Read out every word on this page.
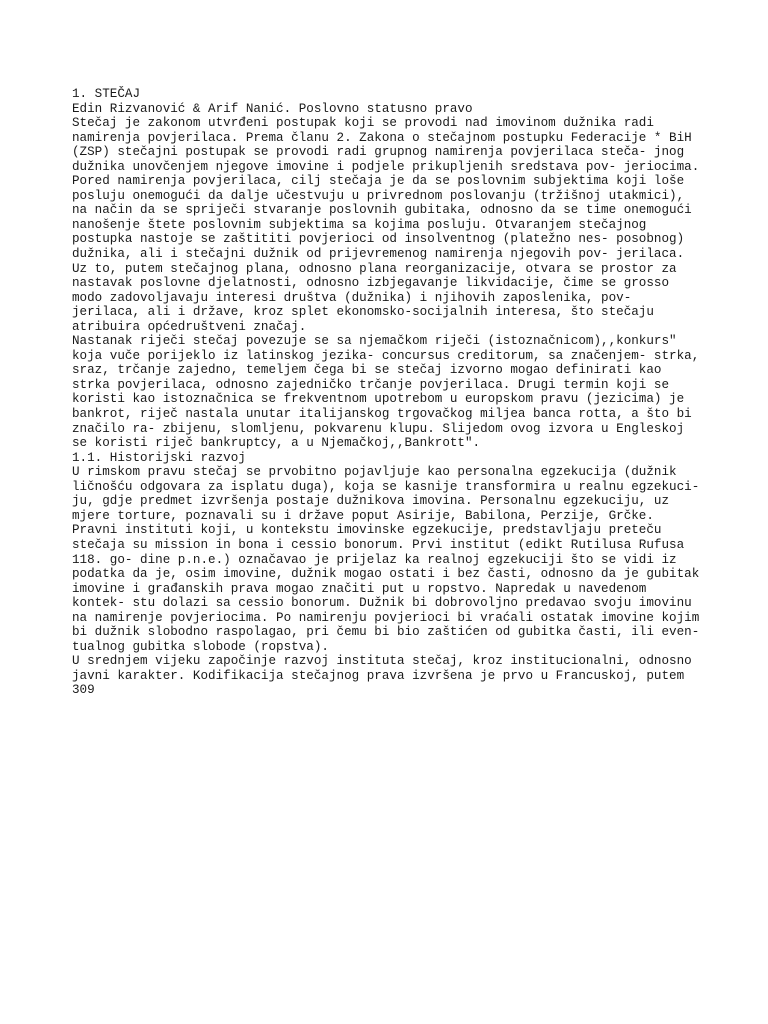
1. STEČAJ
Edin Rizvanović & Arif Nanić. Poslovno statusno pravo
Stečaj je zakonom utvrđeni postupak koji se provodi nad imovinom dužnika radi
namirenja povjerilaca. Prema članu 2. Zakona o stečajnom postupku Federacije * BiH
(ZSP) stečajni postupak se provodi radi grupnog namirenja povjerilaca steča- jnog
dužnika unovčenjem njegove imovine i podjele prikupljenih sredstava pov- jeriocima.
Pored namirenja povjerilaca, cilj stečaja je da se poslovnim subjektima koji loše
posluju onemogući da dalje učestvuju u privrednom poslovanju (tržišnoj utakmici),
na način da se spriječi stvaranje poslovnih gubitaka, odnosno da se time onemogući
nanošenje štete poslovnim subjektima sa kojima posluju. Otvaranjem stečajnog
postupka nastoje se zaštititi povjerioci od insolventnog (platežno nes- posobnog)
dužnika, ali i stečajni dužnik od prijevremenog namirenja njegovih pov- jerilaca.
Uz to, putem stečajnog plana, odnosno plana reorganizacije, otvara se prostor za
nastavak poslovne djelatnosti, odnosno izbjegavanje likvidacije, čime se grosso
modo zadovoljavaju interesi društva (dužnika) i njihovih zaposlenika, pov-
jerilaca, ali i države, kroz splet ekonomsko-socijalnih interesa, što stečaju
atribuira općedruštveni značaj.
Nastanak riječi stečaj povezuje se sa njemačkom riječi (istoznačnicom),,konkurs"
koja vuče porijeklo iz latinskog jezika- concursus creditorum, sa značenjem- strka,
sraz, trčanje zajedno, temeljem čega bi se stečaj izvorno mogao definirati kao
strka povjerilaca, odnosno zajedničko trčanje povjerilaca. Drugi termin koji se
koristi kao istoznačnica se frekventnom upotrebom u europskom pravu (jezicima) je
bankrot, riječ nastala unutar italijanskog trgovačkog miljea banca rotta, a što bi
značilo ra- zbijenu, slomljenu, pokvarenu klupu. Slijedom ovog izvora u Engleskoj
se koristi riječ bankruptcy, a u Njemačkoj,,Bankrott".
1.1. Historijski razvoj
U rimskom pravu stečaj se prvobitno pojavljuje kao personalna egzekucija (dužnik
ličnošću odgovara za isplatu duga), koja se kasnije transformira u realnu egzekuci-
ju, gdje predmet izvršenja postaje dužnikova imovina. Personalnu egzekuciju, uz
mjere torture, poznavali su i države poput Asirije, Babilona, Perzije, Grčke.
Pravni instituti koji, u kontekstu imovinske egzekucije, predstavljaju preteču
stečaja su mission in bona i cessio bonorum. Prvi institut (edikt Rutilusa Rufusa
118. go- dine p.n.e.) označavao je prijelaz ka realnoj egzekuciji što se vidi iz
podatka da je, osim imovine, dužnik mogao ostati i bez časti, odnosno da je gubitak
imovine i građanskih prava mogao značiti put u ropstvo. Napredak u navedenom
kontek- stu dolazi sa cessio bonorum. Dužnik bi dobrovoljno predavao svoju imovinu
na namirenje povjeriocima. Po namirenju povjerioci bi vraćali ostatak imovine kojim
bi dužnik slobodno raspolagao, pri čemu bi bio zaštićen od gubitka časti, ili even-
tualnog gubitka slobode (ropstva).
U srednjem vijeku započinje razvoj instituta stečaj, kroz institucionalni, odnosno
javni karakter. Kodifikacija stečajnog prava izvršena je prvo u Francuskoj, putem
309
